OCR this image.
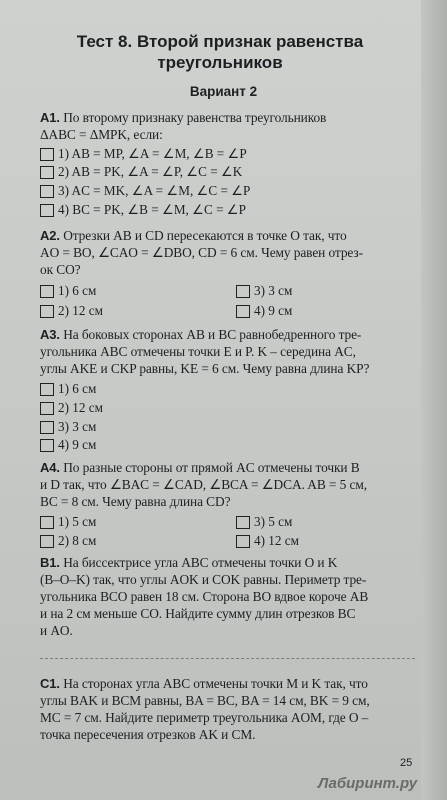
Тест 8. Второй признак равенства
треугольников
Вариант 2
А1. По второму признаку равенства треугольников
ΔABC = ΔMPK, если:
1) AB = MP, ∠A = ∠M, ∠B = ∠P
2) AB = PK, ∠A = ∠P, ∠C = ∠K
3) AC = MK, ∠A = ∠M, ∠C = ∠P
4) BC = PK, ∠B = ∠M, ∠C = ∠P
А2. Отрезки AB и CD пересекаются в точке O так, что
AO = BO, ∠CAO = ∠DBO, CD = 6 см. Чему равен отрез-
ок CO?
1) 6 см	3) 3 см
2) 12 см	4) 9 см
А3. На боковых сторонах AB и BC равнобедренного тре-
угольника ABC отмечены точки E и P. K – середина AC,
углы AKE и CKP равны, KE = 6 см. Чему равна длина KP?
1) 6 см
2) 12 см
3) 3 см
4) 9 см
А4. По разные стороны от прямой AC отмечены точки B
и D так, что ∠BAC = ∠CAD, ∠BCA = ∠DCA. AB = 5 см,
BC = 8 см. Чему равна длина CD?
1) 5 см	3) 5 см
2) 8 см	4) 12 см
В1. На биссектрисе угла ABC отмечены точки O и K
(B–O–K) так, что углы AOK и COK равны. Периметр тре-
угольника BCO равен 18 см. Сторона BO вдвое короче AB
и на 2 см меньше CO. Найдите сумму длин отрезков BC
и AO.
С1. На сторонах угла ABC отмечены точки M и K так, что
углы BAK и BCM равны, BA = BC, BA = 14 см, BK = 9 см,
MC = 7 см. Найдите периметр треугольника AOM, где O –
точка пересечения отрезков AK и CM.
25
Лабиринт.ру
